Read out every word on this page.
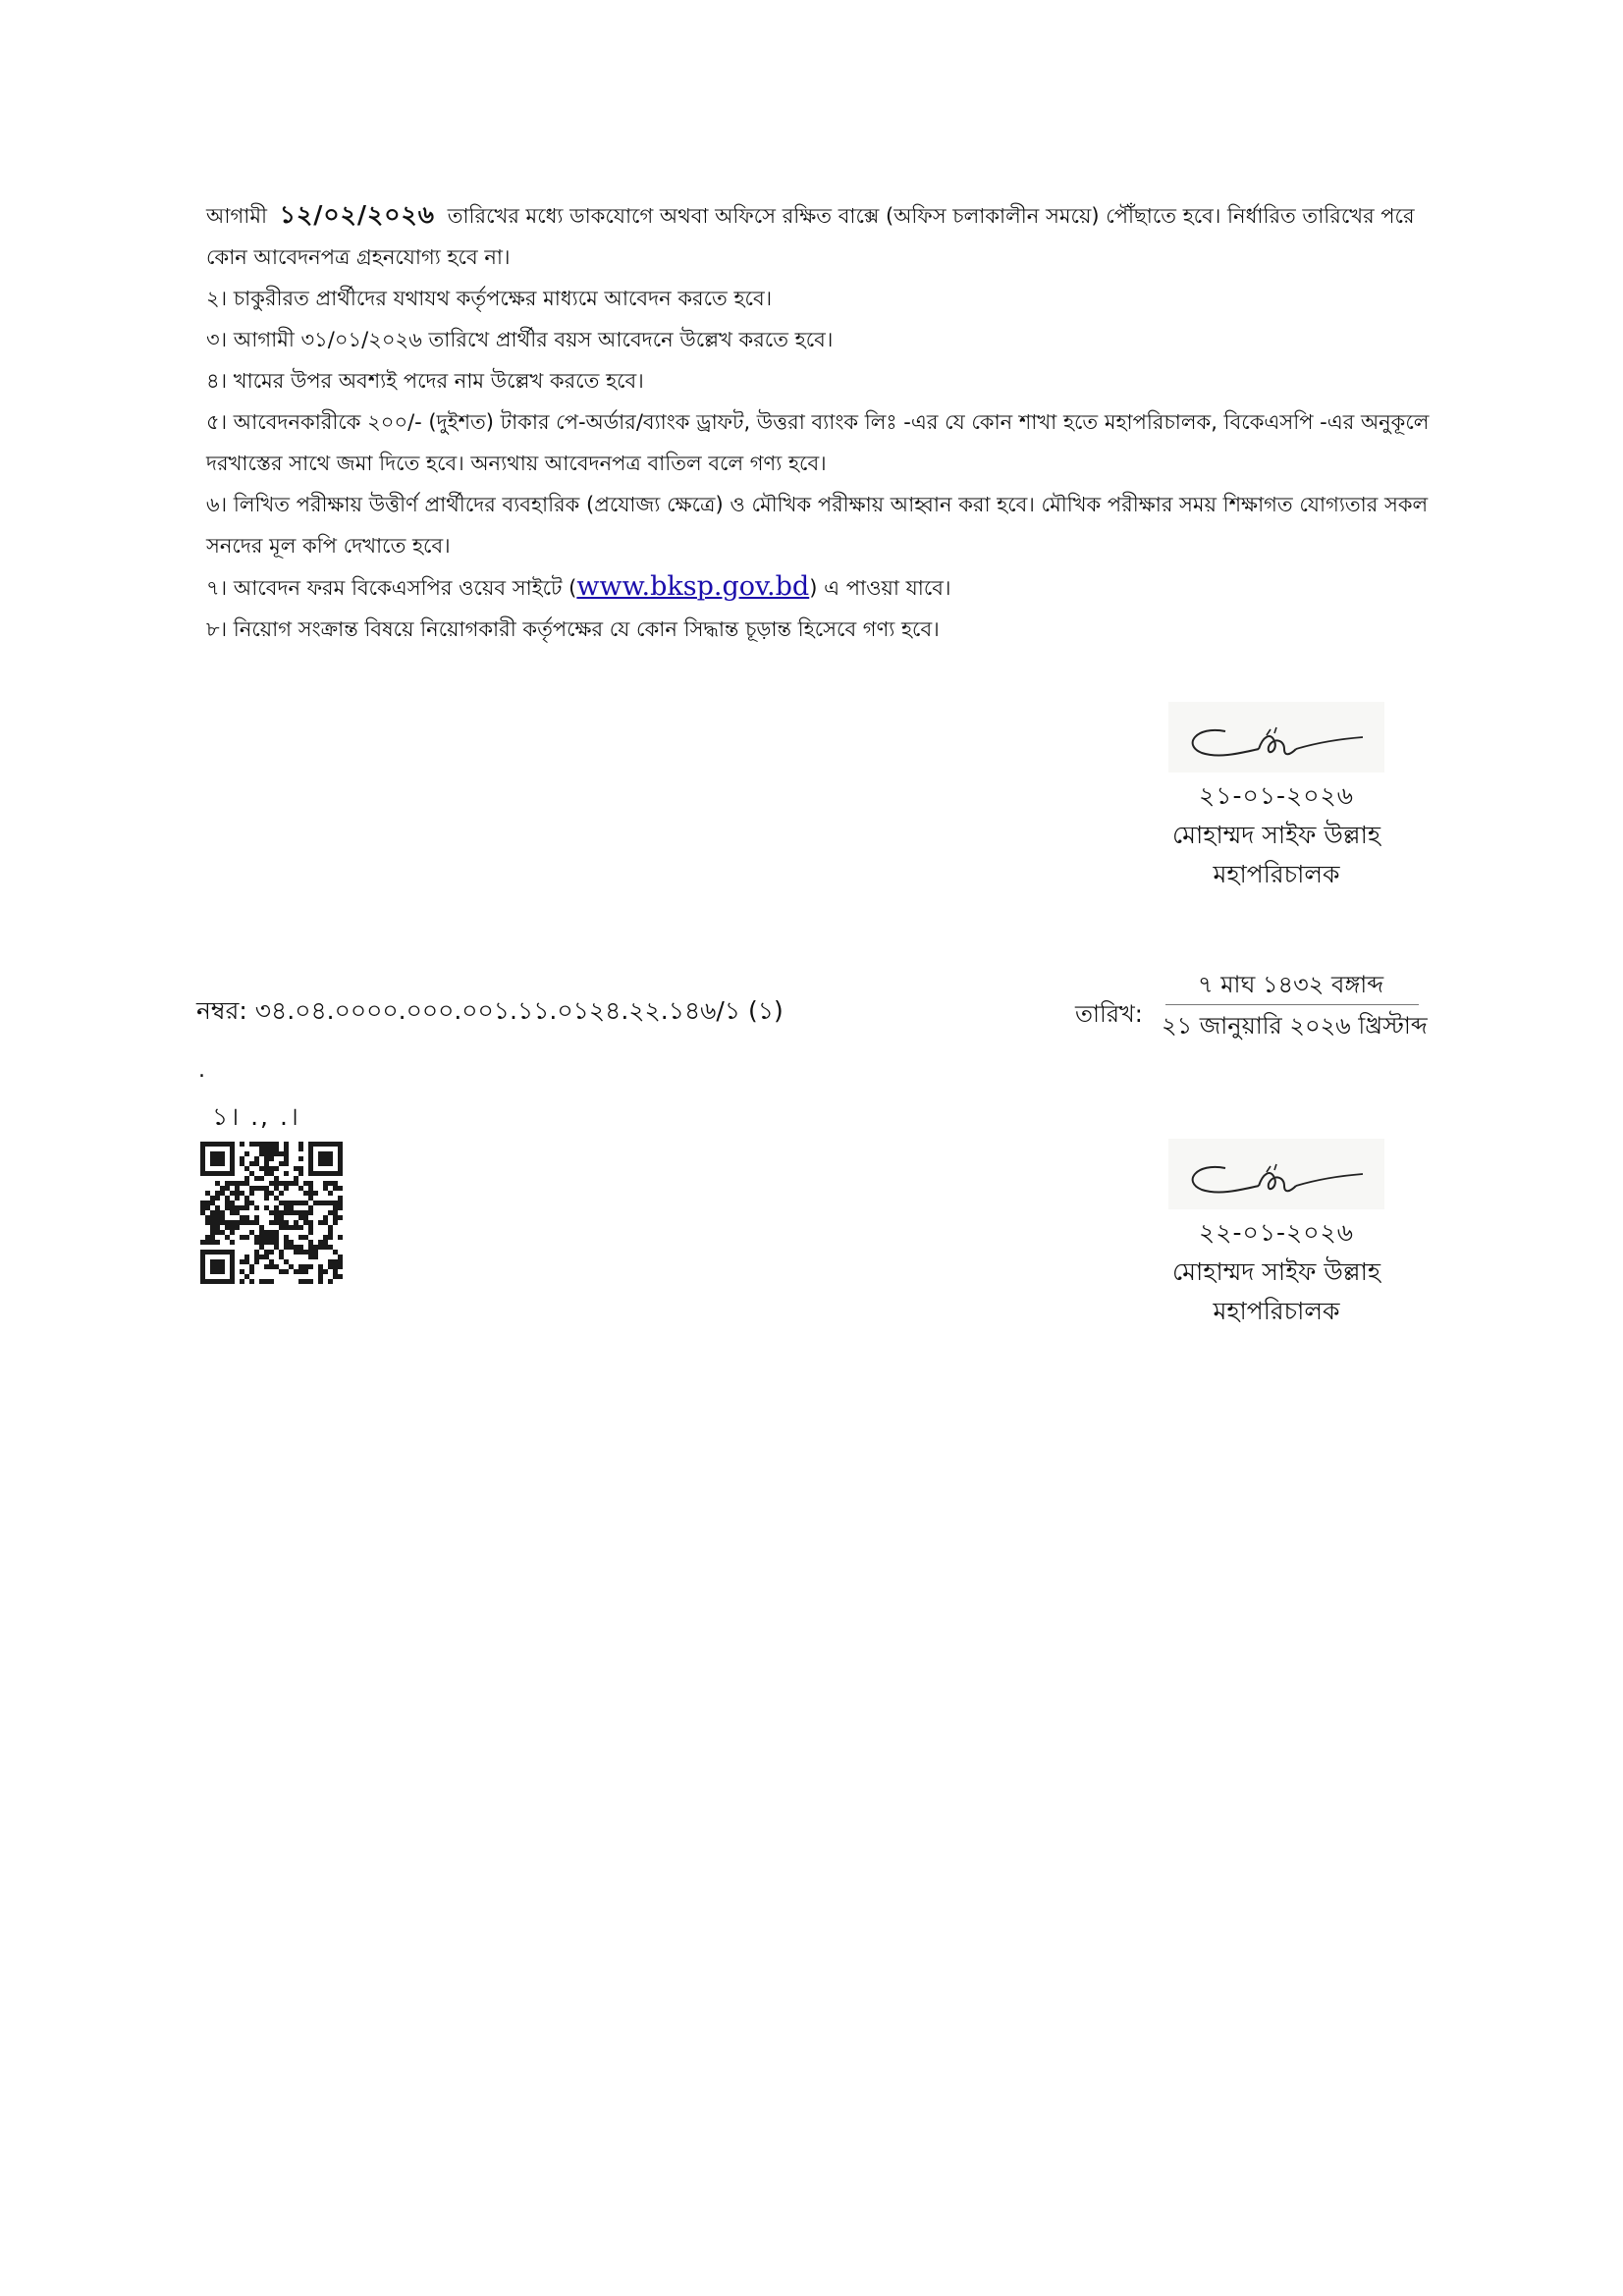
আগামী ১২/০২/২০২৬ তারিখের মধ্যে ডাকযোগে অথবা অফিসে রক্ষিত বাক্সে (অফিস চলাকালীন সময়ে) পৌঁছাতে হবে। নির্ধারিত তারিখের পরে কোন আবেদনপত্র গ্রহনযোগ্য হবে না।

২। চাকুরীরত প্রার্থীদের যথাযথ কর্তৃপক্ষের মাধ্যমে আবেদন করতে হবে।

৩। আগামী ৩১/০১/২০২৬ তারিখে প্রার্থীর বয়স আবেদনে উল্লেখ করতে হবে।

৪। খামের উপর অবশ্যই পদের নাম উল্লেখ করতে হবে।

৫। আবেদনকারীকে ২০০/- (দুইশত) টাকার পে-অর্ডার/ব্যাংক ড্রাফট, উত্তরা ব্যাংক লিঃ -এর যে কোন শাখা হতে মহাপরিচালক, বিকেএসপি -এর অনুকূলে দরখাস্তের সাথে জমা দিতে হবে। অন্যথায় আবেদনপত্র বাতিল বলে গণ্য হবে।

৬। লিখিত পরীক্ষায় উত্তীর্ণ প্রার্থীদের ব্যবহারিক (প্রযোজ্য ক্ষেত্রে) ও মৌখিক পরীক্ষায় আহ্বান করা হবে। মৌখিক পরীক্ষার সময় শিক্ষাগত যোগ্যতার সকল সনদের মূল কপি দেখাতে হবে।

৭। আবেদন ফরম বিকেএসপির ওয়েব সাইটে (www.bksp.gov.bd) এ পাওয়া যাবে।

৮। নিয়োগ সংক্রান্ত বিষয়ে নিয়োগকারী কর্তৃপক্ষের যে কোন সিদ্ধান্ত চূড়ান্ত হিসেবে গণ্য হবে।

২১-০১-২০২৬
মোহাম্মদ সাইফ উল্লাহ
মহাপরিচালক
নম্বর: ৩৪.০৪.০০০০.০০০.০০১.১১.০১২৪.২২.১৪৬/১ (১)	তারিখ:
৭ মাঘ ১৪৩২ বঙ্গাব্দ
২১ জানুয়ারি ২০২৬ খ্রিস্টাব্দ
.
১। ., .।
২২-০১-২০২৬
মোহাম্মদ সাইফ উল্লাহ
মহাপরিচালক
